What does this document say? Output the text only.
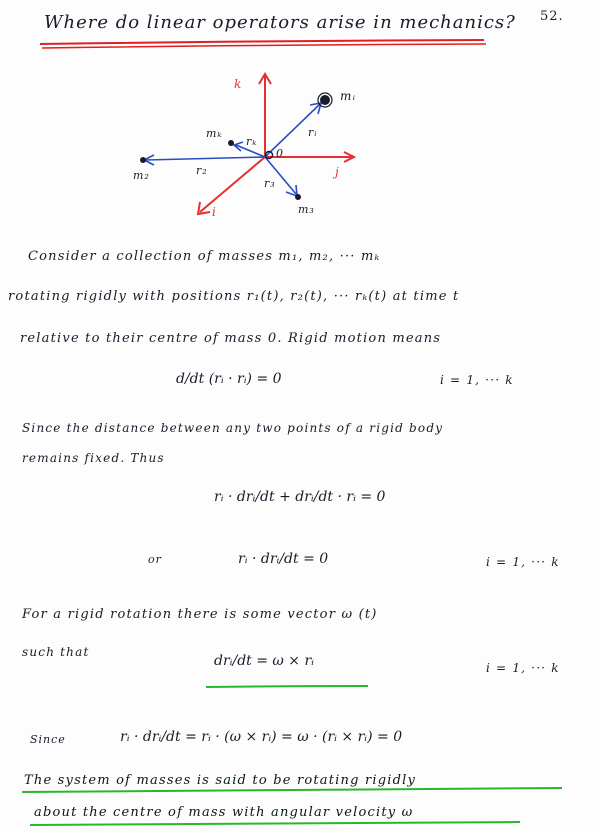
Where do linear operators arise in mechanics? 52.
k
j
i
mᵢ
mₖ
m₂
m₃
rᵢ
rₖ
r₂
r₃
0
Consider a collection of masses m₁, m₂, ··· mₖ
rotating rigidly with positions r₁(t), r₂(t), ··· rₖ(t) at time t
relative to their centre of mass 0. Rigid motion means
d/dt (rᵢ · rᵢ) = 0	i = 1, ··· k
Since the distance between any two points of a rigid body
remains fixed. Thus
rᵢ · drᵢ/dt + drᵢ/dt · rᵢ = 0
or	rᵢ · drᵢ/dt = 0	i = 1, ··· k
For a rigid rotation there is some vector ω (t)
such that
drᵢ/dt = ω × rᵢ	i = 1, ··· k
Since	rᵢ · drᵢ/dt = rᵢ · (ω × rᵢ) = ω · (rᵢ × rᵢ) = 0
The system of masses is said to be rotating rigidly
about the centre of mass with angular velocity ω
